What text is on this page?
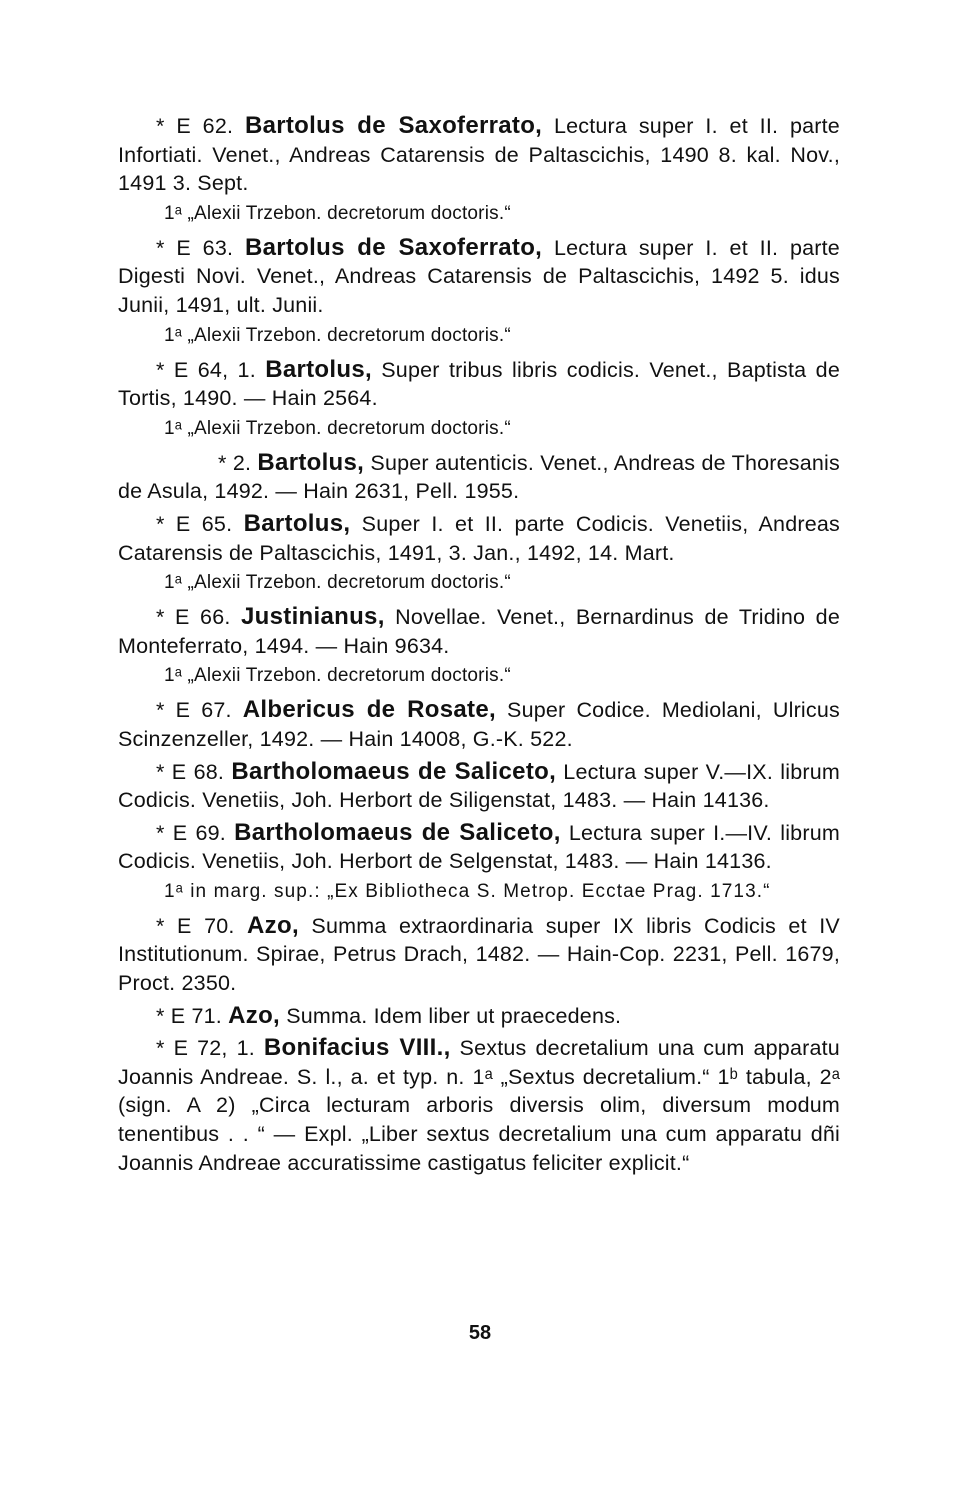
* E 62. Bartolus de Saxoferrato, Lectura super I. et II. parte Infortiati. Venet., Andreas Catarensis de Paltascichis, 1490 8. kal. Nov., 1491 3. Sept.

1ᵃ „Alexii Trzebon. decretorum doctoris.“

* E 63. Bartolus de Saxoferrato, Lectura super I. et II. parte Digesti Novi. Venet., Andreas Catarensis de Paltascichis, 1492 5. idus Junii, 1491, ult. Junii.

1ᵃ „Alexii Trzebon. decretorum doctoris.“

* E 64, 1. Bartolus, Super tribus libris codicis. Venet., Baptista de Tortis, 1490. — Hain 2564.

1ᵃ „Alexii Trzebon. decretorum doctoris.“

* 2. Bartolus, Super autenticis. Venet., Andreas de Thoresanis de Asula, 1492. — Hain 2631, Pell. 1955.

* E 65. Bartolus, Super I. et II. parte Codicis. Venetiis, Andreas Catarensis de Paltascichis, 1491, 3. Jan., 1492, 14. Mart.

1ᵃ „Alexii Trzebon. decretorum doctoris.“

* E 66. Justinianus, Novellae. Venet., Bernardinus de Tridino de Monteferrato, 1494. — Hain 9634.

1ᵃ „Alexii Trzebon. decretorum doctoris.“

* E 67. Albericus de Rosate, Super Codice. Mediolani, Ulricus Scinzenzeller, 1492. — Hain 14008, G.-K. 522.

* E 68. Bartholomaeus de Saliceto, Lectura super V.—IX. librum Codicis. Venetiis, Joh. Herbort de Siligenstat, 1483. — Hain 14136.

* E 69. Bartholomaeus de Saliceto, Lectura super I.—IV. librum Codicis. Venetiis, Joh. Herbort de Selgenstat, 1483. — Hain 14136.

1ᵃ in marg. sup.: „Ex Bibliotheca S. Metrop. Ecctae Prag. 1713.“

* E 70. Azo, Summa extraordinaria super IX libris Codicis et IV Institutionum. Spirae, Petrus Drach, 1482. — Hain-Cop. 2231, Pell. 1679, Proct. 2350.

* E 71. Azo, Summa. Idem liber ut praecedens.

* E 72, 1. Bonifacius VIII., Sextus decretalium una cum apparatu Joannis Andreae. S. l., a. et typ. n. 1ᵃ „Sextus decretalium.“ 1ᵇ tabula, 2ᵃ (sign. A 2) „Circa lecturam arboris diversis olim, diversum modum tenentibus . . “ — Expl. „Liber sextus decretalium una cum apparatu dñi Joannis Andreae accuratissime castigatus feliciter explicit.“

58
